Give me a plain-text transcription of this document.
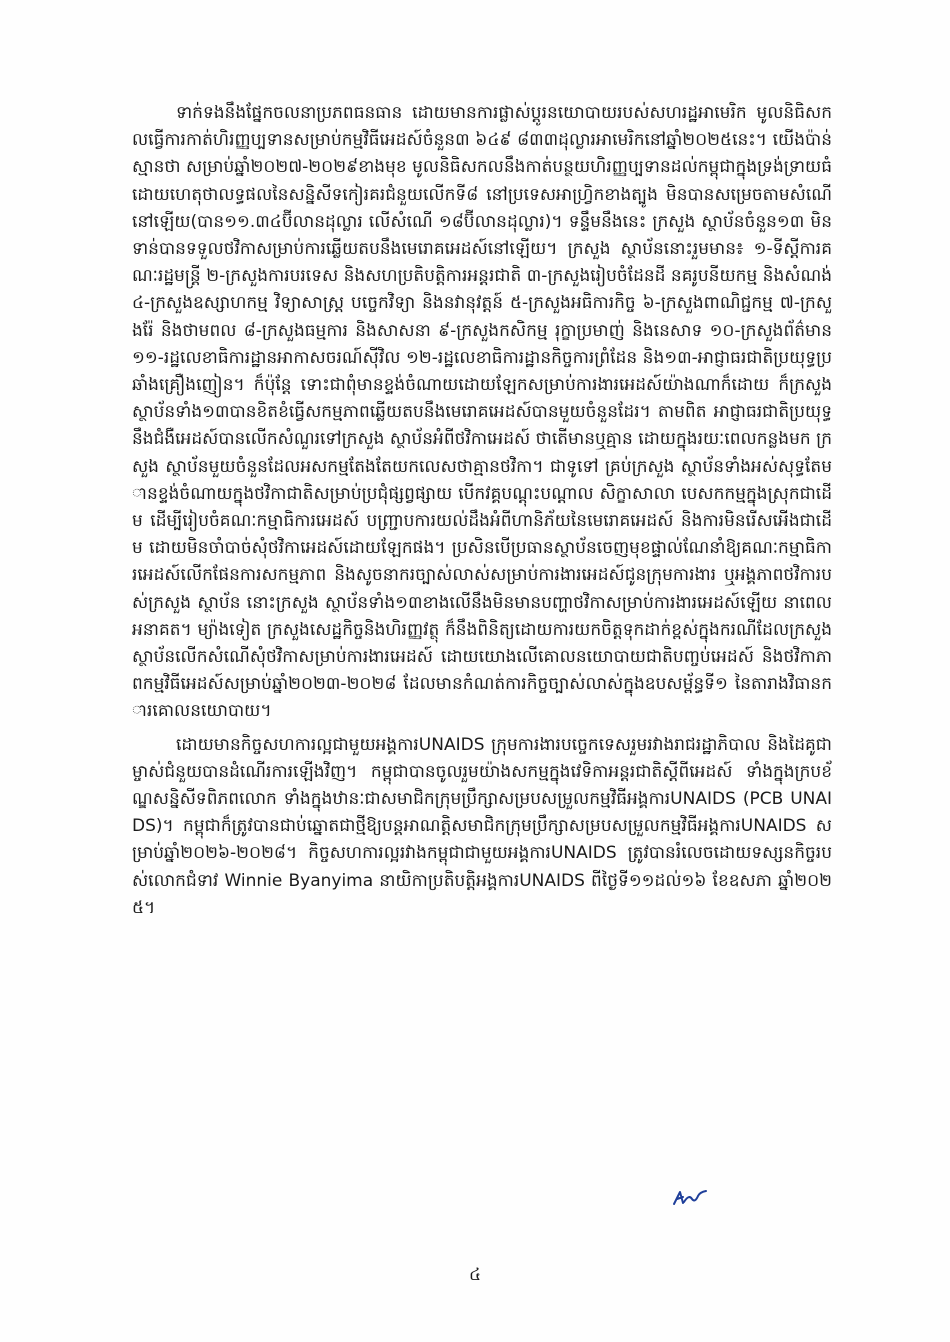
ទាក់ទងនឹងផ្នែកចលនាប្រភពធនធាន ដោយមានការផ្លាស់ប្តូរនយោបាយរបស់សហរដ្ឋអាមេរិក មូលនិធិសកលធ្វើការកាត់ហិរញ្ញប្បទានសម្រាប់កម្មវិធីអេដស៍ចំនួន៣ ៦៤៩ ៨៣៣ដុល្លារអាមេរិកនៅឆ្នាំ២០២៥នេះ។ យើងប៉ាន់ស្មានថា សម្រាប់ឆ្នាំ២០២៧-២០២៩ខាងមុខ មូលនិធិសកលនឹងកាត់បន្ថយហិរញ្ញប្បទានដល់កម្ពុជាក្នុងទ្រង់ទ្រាយធំ ដោយហេតុថាលទ្ធផលនៃសន្និសីទកៀរគរជំនួយលើកទី៨ នៅប្រទេសអាហ្វ្រិកខាងត្បូង មិនបានសម្រេចតាមសំណើនៅឡើយ(បាន១១.៣៤ប៊ីលានដុល្លារ លើសំណើ ១៨ប៊ីលានដុល្លារ)។ ទន្ទឹមនឹងនេះ ក្រសួង ស្ថាប័នចំនួន១៣ មិនទាន់បានទទួលថវិកាសម្រាប់ការឆ្លើយតបនឹងមេរោគអេដស៍នៅឡើយ។ ក្រសួង ស្ថាប័ននោះរួមមាន៖ ១-ទីស្តីការគណៈរដ្ឋមន្ត្រី ២-ក្រសួងការបរទេស និងសហប្រតិបត្តិការអន្តរជាតិ ៣-ក្រសួងរៀបចំដែនដី នគរូបនីយកម្ម និងសំណង់ ៤-ក្រសួងឧស្សាហកម្ម វិទ្យាសាស្ត្រ បច្ចេកវិទ្យា និងនវានុវត្តន៍ ៥-ក្រសួងអធិការកិច្ច ៦-ក្រសួងពាណិជ្ជកម្ម ៧-ក្រសួងរ៉ែ និងថាមពល ៨-ក្រសួងធម្មការ និងសាសនា ៩-ក្រសួងកសិកម្ម រុក្ខាប្រមាញ់ និងនេសាទ ១០-ក្រសួងព័ត៌មាន ១១-រដ្ឋលេខាធិការដ្ឋានអាកាសចរណ៍ស៊ីវិល ១២-រដ្ឋលេខាធិការដ្ឋានកិច្ចការព្រំដែន និង១៣-អាជ្ញាធរជាតិប្រយុទ្ធប្រឆាំងគ្រឿងញៀន។ ក៏ប៉ុន្តែ ទោះជាពុំមានខ្ទង់ចំណាយដោយឡែកសម្រាប់ការងារអេដស៍យ៉ាងណាក៏ដោយ ក៏ក្រសួង ស្ថាប័នទាំង១៣បានខិតខំធ្វើសកម្មភាពឆ្លើយតបនឹងមេរោគអេដស៍បានមួយចំនួនដែរ។ តាមពិត អាជ្ញាធរជាតិប្រយុទ្ធនឹងជំងឺអេដស៍បានលើកសំណួរទៅក្រសួង ស្ថាប័នអំពីថវិកាអេដស៍ ថាតើមានឬគ្មាន ដោយក្នុងរយៈពេលកន្លងមក ក្រសួង ស្ថាប័នមួយចំនួនដែលអសកម្មតែងតែយកលេសថាគ្មានថវិកា។ ជាទូទៅ គ្រប់ក្រសួង ស្ថាប័នទាំងអស់សុទ្ធតែមានខ្ទង់ចំណាយក្នុងថវិកាជាតិសម្រាប់ប្រជុំផ្សព្វផ្សាយ បើកវគ្គបណ្តុះបណ្តាល សិក្ខាសាលា បេសកកម្មក្នុងស្រុកជាដើម ដើម្បីរៀបចំគណៈកម្មាធិការអេដស៍ បញ្ជ្រាបការយល់ដឹងអំពីហានិភ័យនៃមេរោគអេដស៍ និងការមិនរើសអើងជាដើម ដោយមិនចាំបាច់សុំថវិកាអេដស៍ដោយឡែកផង។ ប្រសិនបើប្រធានស្ថាប័នចេញមុខផ្ទាល់ណែនាំឱ្យគណៈកម្មាធិការអេដស៍លើកផែនការសកម្មភាព និងសូចនាករច្បាស់លាស់សម្រាប់ការងារអេដស៍ជូនក្រុមការងារ ឬអង្គភាពថវិការបស់ក្រសួង ស្ថាប័ន នោះក្រសួង ស្ថាប័នទាំង១៣ខាងលើនឹងមិនមានបញ្ហាថវិកាសម្រាប់ការងារអេដស៍ឡើយ នាពេលអនាគត។ ម្យ៉ាងទៀត ក្រសួងសេដ្ឋកិច្ចនិងហិរញ្ញវត្ថុ ក៏នឹងពិនិត្យដោយការយកចិត្តទុកដាក់ខ្ពស់ក្នុងករណីដែលក្រសួង ស្ថាប័នលើកសំណើសុំថវិកាសម្រាប់ការងារអេដស៍ ដោយយោងលើគោលនយោបាយជាតិបញ្ចប់អេដស៍ និងថវិកាភាពកម្មវិធីអេដស៍សម្រាប់ឆ្នាំ២០២៣-២០២៨ ដែលមានកំណត់ការកិច្ចច្បាស់លាស់ក្នុងឧបសម្ព័ន្ធទី១ នៃតារាងវិធានការគោលនយោបាយ។

ដោយមានកិច្ចសហការល្អជាមួយអង្គការUNAIDS ក្រុមការងារបច្ចេកទេសរួមរវាងរាជរដ្ឋាភិបាល និងដៃគូជាម្ចាស់ជំនួយបានដំណើរការឡើងវិញ។ កម្ពុជាបានចូលរួមយ៉ាងសកម្មក្នុងវេទិកាអន្តរជាតិស្តីពីអេដស៍ ទាំងក្នុងក្របខ័ណ្ឌសន្និសីទពិភពលោក ទាំងក្នុងឋានៈជាសមាជិកក្រុមប្រឹក្សាសម្របសម្រួលកម្មវិធីអង្គការUNAIDS (PCB UNAIDS)។ កម្ពុជាក៏ត្រូវបានជាប់ឆ្នោតជាថ្មីឱ្យបន្តអាណត្តិសមាជិកក្រុមប្រឹក្សាសម្របសម្រួលកម្មវិធីអង្គការUNAIDS សម្រាប់ឆ្នាំ២០២៦-២០២៨។ កិច្ចសហការល្អរវាងកម្ពុជាជាមួយអង្គការUNAIDS ត្រូវបានរំលេចដោយទស្សនកិច្ចរបស់លោកជំទាវ Winnie Byanyima នាយិកាប្រតិបត្តិអង្គការUNAIDS ពីថ្ងៃទី១១ដល់១៦ ខែឧសភា ឆ្នាំ២០២៥។

៤
